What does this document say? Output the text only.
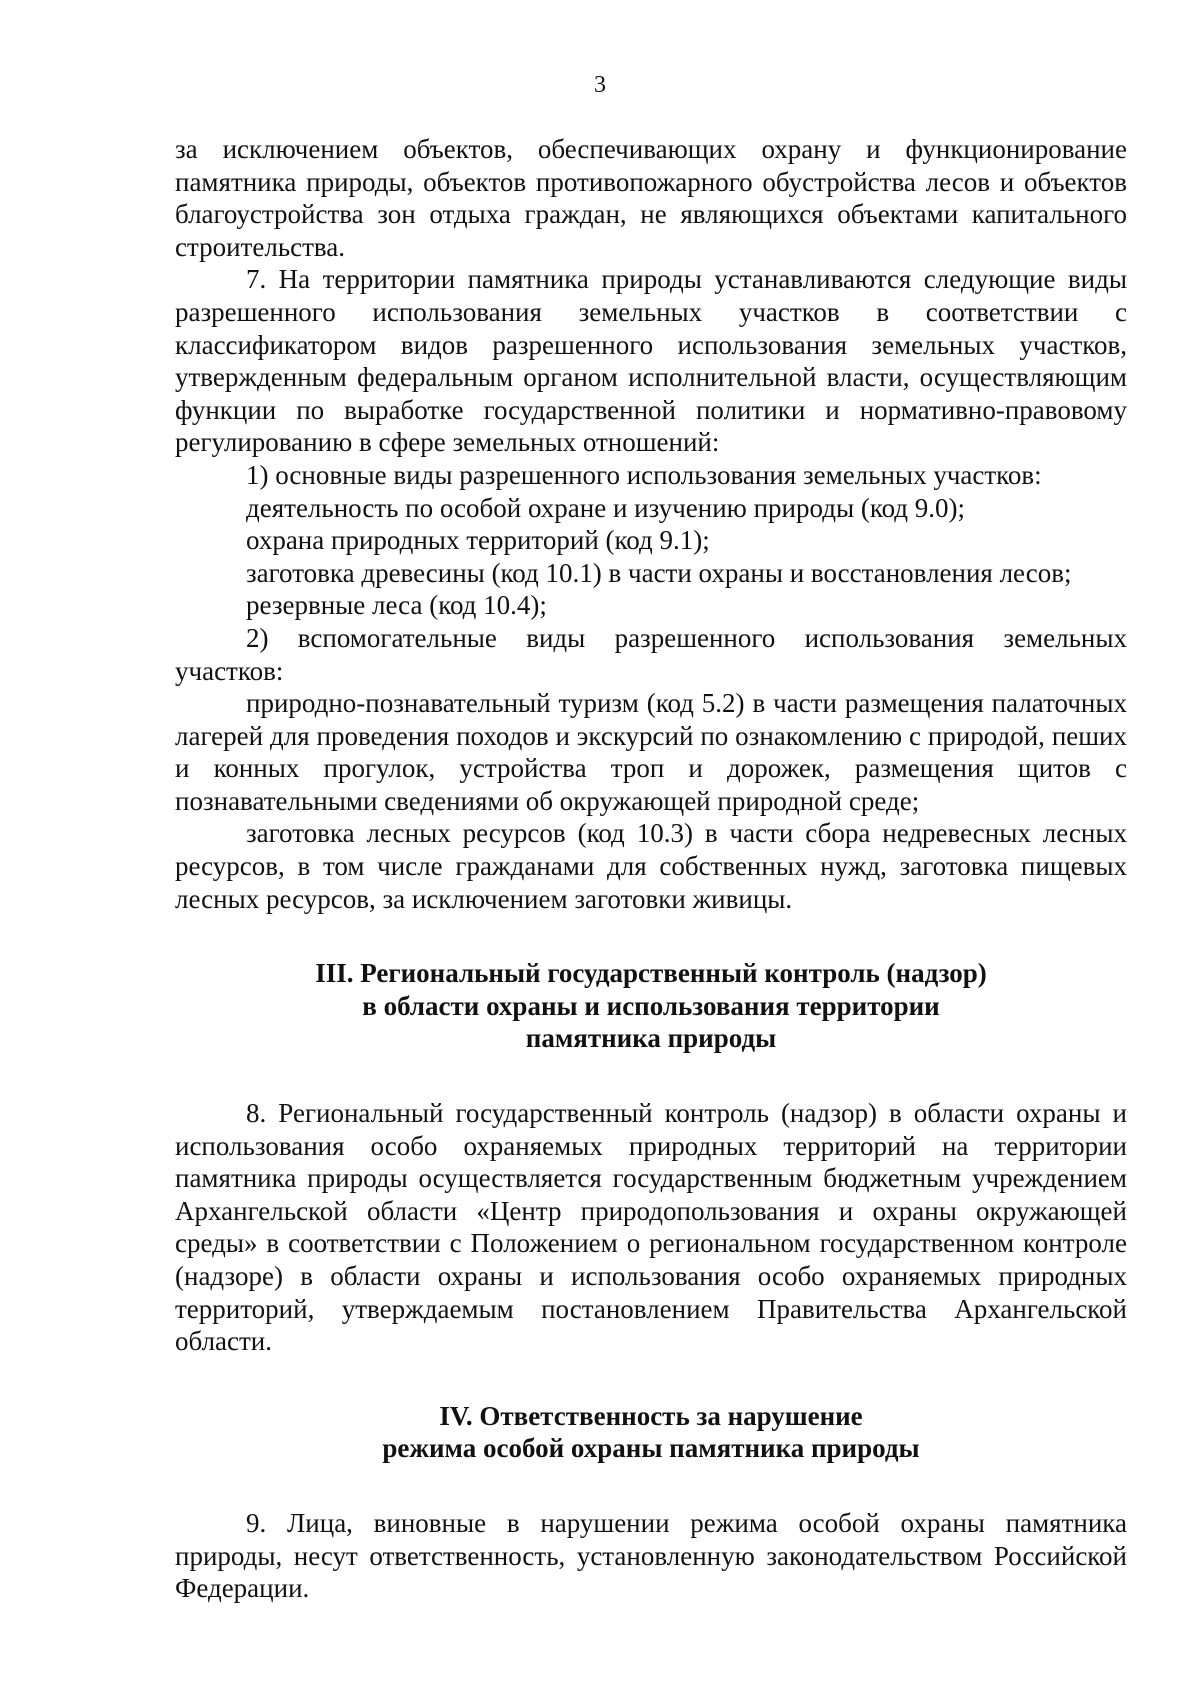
3

за исключением объектов, обеспечивающих охрану и функционирование памятника природы, объектов противопожарного обустройства лесов и объектов благоустройства зон отдыха граждан, не являющихся объектами капитального строительства.

7. На территории памятника природы устанавливаются следующие виды разрешенного использования земельных участков в соответствии с классификатором видов разрешенного использования земельных участков, утвержденным федеральным органом исполнительной власти, осуществляющим функции по выработке государственной политики и нормативно-правовому регулированию в сфере земельных отношений:

1) основные виды разрешенного использования земельных участков:

деятельность по особой охране и изучению природы (код 9.0);

охрана природных территорий (код 9.1);

заготовка древесины (код 10.1) в части охраны и восстановления лесов;

резервные леса (код 10.4);

2) вспомогательные виды разрешенного использования земельных участков:

природно-познавательный туризм (код 5.2) в части размещения палаточных лагерей для проведения походов и экскурсий по ознакомлению с природой, пеших и конных прогулок, устройства троп и дорожек, размещения щитов с познавательными сведениями об окружающей природной среде;

заготовка лесных ресурсов (код 10.3) в части сбора недревесных лесных ресурсов, в том числе гражданами для собственных нужд, заготовка пищевых лесных ресурсов, за исключением заготовки живицы.

III. Региональный государственный контроль (надзор)
в области охраны и использования территории
памятника природы

8. Региональный государственный контроль (надзор) в области охраны и использования особо охраняемых природных территорий на территории памятника природы осуществляется государственным бюджетным учреждением Архангельской области «Центр природопользования и охраны окружающей среды» в соответствии с Положением о региональном государственном контроле (надзоре) в области охраны и использования особо охраняемых природных территорий, утверждаемым постановлением Правительства Архангельской области.

IV. Ответственность за нарушение
режима особой охраны памятника природы

9. Лица, виновные в нарушении режима особой охраны памятника природы, несут ответственность, установленную законодательством Российской Федерации.
